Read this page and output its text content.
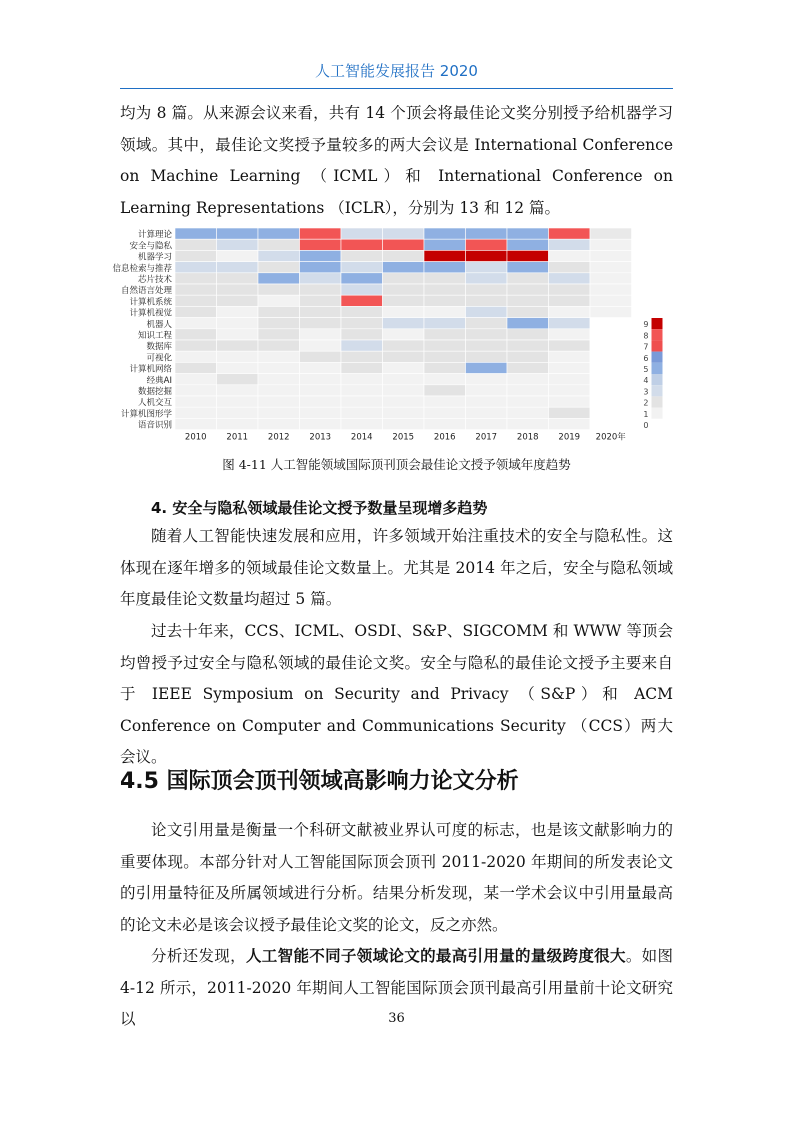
人工智能发展报告 2020

均为 8 篇。从来源会议来看，共有 14 个顶会将最佳论文奖分别授予给机器学习领域。其中，最佳论文奖授予量较多的两大会议是 International Conference on Machine Learning （ICML）和 International Conference on Learning Representations （ICLR），分别为 13 和 12 篇。

计算理论
安全与隐私
机器学习
信息检索与推荐
芯片技术
自然语言处理
计算机系统
计算机视觉
机器人
知识工程
数据库
可视化
计算机网络
经典AI
数据挖掘
人机交互
计算机图形学
语音识别
2010 2011 2012 2013 2014 2015 2016 2017 2018 2019 2020年
9
8
7
6
5
4
3
2
1
0
图 4-11 人工智能领域国际顶刊顶会最佳论文授予领域年度趋势
4. 安全与隐私领域最佳论文授予数量呈现增多趋势

随着人工智能快速发展和应用，许多领域开始注重技术的安全与隐私性。这体现在逐年增多的领域最佳论文数量上。尤其是 2014 年之后，安全与隐私领域年度最佳论文数量均超过 5 篇。

过去十年来，CCS、ICML、OSDI、S&P、SIGCOMM 和 WWW 等顶会均曾授予过安全与隐私领域的最佳论文奖。安全与隐私的最佳论文授予主要来自于 IEEE Symposium on Security and Privacy （S&P）和 ACM Conference on Computer and Communications Security （CCS）两大会议。

4.5 国际顶会顶刊领域高影响力论文分析

论文引用量是衡量一个科研文献被业界认可度的标志，也是该文献影响力的重要体现。本部分针对人工智能国际顶会顶刊 2011-2020 年期间的所发表论文的引用量特征及所属领域进行分析。结果分析发现，某一学术会议中引用量最高的论文未必是该会议授予最佳论文奖的论文，反之亦然。

分析还发现，人工智能不同子领域论文的最高引用量的量级跨度很大。如图 4-12 所示，2011-2020 年期间人工智能国际顶会顶刊最高引用量前十论文研究以	36
